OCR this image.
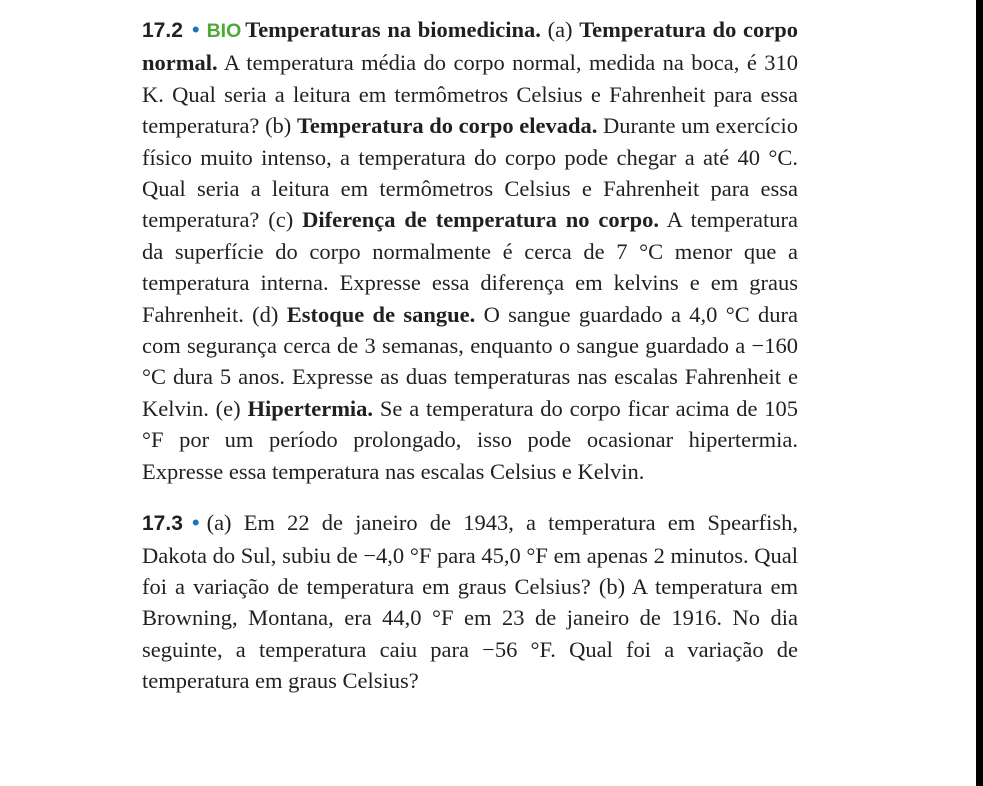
17.2 • BIO Temperaturas na biomedicina. (a) Temperatura do corpo normal. A temperatura média do corpo normal, medida na boca, é 310 K. Qual seria a leitura em termômetros Celsius e Fahrenheit para essa temperatura? (b) Temperatura do corpo elevada. Durante um exercício físico muito intenso, a temperatura do corpo pode chegar a até 40 °C. Qual seria a leitura em termômetros Celsius e Fahrenheit para essa temperatura? (c) Diferença de temperatura no corpo. A temperatura da superfície do corpo normalmente é cerca de 7 °C menor que a temperatura interna. Expresse essa diferença em kelvins e em graus Fahrenheit. (d) Estoque de sangue. O sangue guardado a 4,0 °C dura com segurança cerca de 3 semanas, enquanto o sangue guardado a −160 °C dura 5 anos. Expresse as duas temperaturas nas escalas Fahrenheit e Kelvin. (e) Hipertermia. Se a temperatura do corpo ficar acima de 105 °F por um período prolongado, isso pode ocasionar hipertermia. Expresse essa temperatura nas escalas Celsius e Kelvin.

17.3 • (a) Em 22 de janeiro de 1943, a temperatura em Spearfish, Dakota do Sul, subiu de −4,0 °F para 45,0 °F em apenas 2 minutos. Qual foi a variação de temperatura em graus Celsius? (b) A temperatura em Browning, Montana, era 44,0 °F em 23 de janeiro de 1916. No dia seguinte, a temperatura caiu para −56 °F. Qual foi a variação de temperatura em graus Celsius?
